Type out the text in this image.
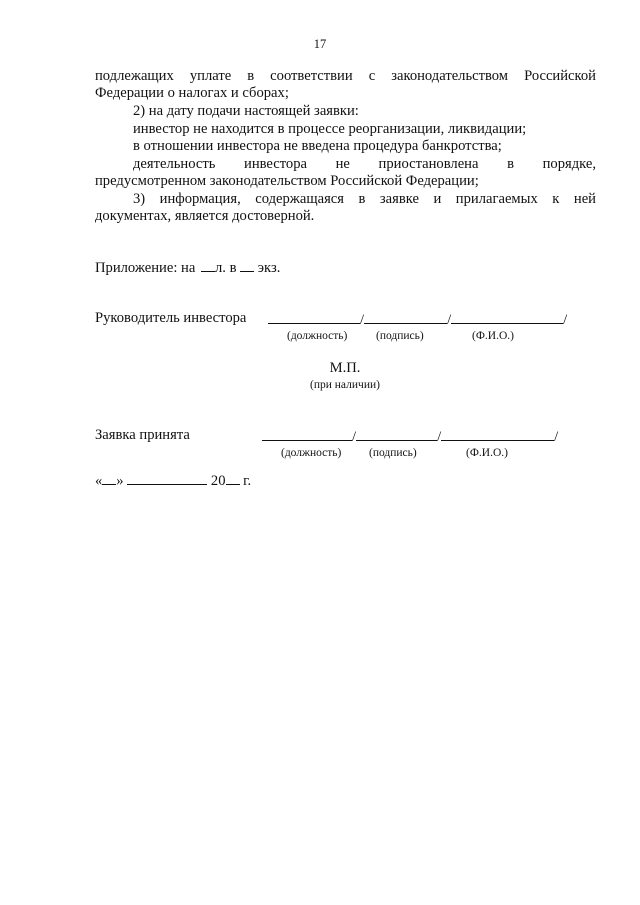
17
подлежащих уплате в соответствии с законодательством Российской
Федерации о налогах и сборах;
2) на дату подачи настоящей заявки:
инвестор не находится в процессе реорганизации, ликвидации;
в отношении инвестора не введена процедура банкротства;
деятельность инвестора не приостановлена в порядке,
предусмотренном законодательством Российской Федерации;
3) информация, содержащаяся в заявке и прилагаемых к ней
документах, является достоверной.
Приложение: на л. в экз.
Руководитель инвестора	/	/	/
(должность) (подпись)	(Ф.И.О.)
М.П.
(при наличии)
Заявка принята	/	/	/
(должность) (подпись)	(Ф.И.О.)
« »	20 г.
